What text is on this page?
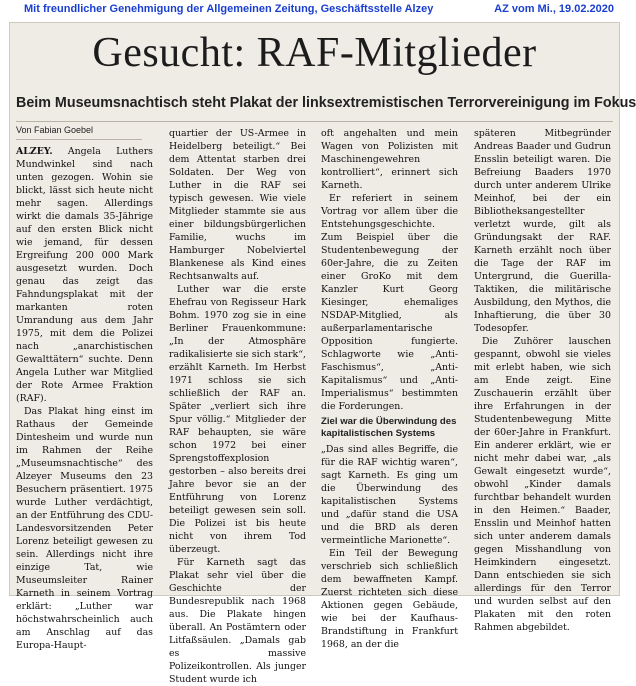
Mit freundlicher Genehmigung der Allgemeinen Zeitung, Geschäftsstelle Alzey	AZ vom Mi., 19.02.2020
Gesucht: RAF-Mitglieder
Beim Museumsnachtisch steht Plakat der linksextremistischen Terrorvereinigung im Fokus
Von Fabian Goebel

ALZEY. Angela Luthers Mundwinkel sind nach unten gezogen. Wohin sie blickt, lässt sich heute nicht mehr sagen. Allerdings wirkt die damals 35-Jährige auf den ersten Blick nicht wie jemand, für dessen Ergreifung 200 000 Mark ausgesetzt wurden. Doch genau das zeigt das Fahndungsplakat mit der markanten roten Umrandung aus dem Jahr 1975, mit dem die Polizei nach „anarchistischen Gewalttätern“ suchte. Denn Angela Luther war Mitglied der Rote Armee Fraktion (RAF).

Das Plakat hing einst im Rathaus der Gemeinde Dintesheim und wurde nun im Rahmen der Reihe „Museumsnachtische“ des Alzeyer Museums den 23 Besuchern präsentiert. 1975 wurde Luther verdächtigt, an der Entführung des CDU-Landesvorsitzenden Peter Lorenz beteiligt gewesen zu sein. Allerdings nicht ihre einzige Tat, wie Museumsleiter Rainer Karneth in seinem Vortrag erklärt: „Luther war höchstwahrscheinlich auch am Anschlag auf das Europa-Haupt-

quartier der US-Armee in Heidelberg beteiligt.“ Bei dem Attentat starben drei Soldaten. Der Weg von Luther in die RAF sei typisch gewesen. Wie viele Mitglieder stammte sie aus einer bildungsbürgerlichen Familie, wuchs im Hamburger Nobelviertel Blankenese als Kind eines Rechtsanwalts auf.

Luther war die erste Ehefrau von Regisseur Hark Bohm. 1970 zog sie in eine Berliner Frauenkommune: „In der Atmosphäre radikalisierte sie sich stark“, erzählt Karneth. Im Herbst 1971 schloss sie sich schließlich der RAF an. Später „verliert sich ihre Spur völlig.“ Mitglieder der RAF behaupten, sie wäre schon 1972 bei einer Sprengstoffexplosion gestorben – also bereits drei Jahre bevor sie an der Entführung von Lorenz beteiligt gewesen sein soll. Die Polizei ist bis heute nicht von ihrem Tod überzeugt.

Für Karneth sagt das Plakat sehr viel über die Geschichte der Bundesrepublik nach 1968 aus. Die Plakate hingen überall. An Postämtern oder Litfaßsäulen. „Damals gab es massive Polizeikontrollen. Als junger Student wurde ich

oft angehalten und mein Wagen von Polizisten mit Maschinengewehren kontrolliert“, erinnert sich Karneth.

Er referiert in seinem Vortrag vor allem über die Entstehungsgeschichte. Zum Beispiel über die Studentenbewegung der 60er-Jahre, die zu Zeiten einer GroKo mit dem Kanzler Kurt Georg Kiesinger, ehemaliges NSDAP-Mitglied, als außerparlamentarische Opposition fungierte. Schlagworte wie „Anti-Faschismus“, „Anti-Kapitalismus“ und „Anti-Imperialismus“ bestimmten die Forderungen.

Ziel war die Überwindung des kapitalistischen Systems

„Das sind alles Begriffe, die für die RAF wichtig waren“, sagt Karneth. Es ging um die Überwindung des kapitalistischen Systems und „dafür stand die USA und die BRD als deren vermeintliche Marionette“.

Ein Teil der Bewegung verschrieb sich schließlich dem bewaffneten Kampf. Zuerst richteten sich diese Aktionen gegen Gebäude, wie bei der Kaufhaus-Brandstiftung in Frankfurt 1968, an der die

späteren Mitbegründer Andreas Baader und Gudrun Ensslin beteiligt waren. Die Befreiung Baaders 1970 durch unter anderem Ulrike Meinhof, bei der ein Bibliotheksangestellter verletzt wurde, gilt als Gründungsakt der RAF. Karneth erzählt noch über die Tage der RAF im Untergrund, die Guerilla-Taktiken, die militärische Ausbildung, den Mythos, die Inhaftierung, die über 30 Todesopfer.

Die Zuhörer lauschen gespannt, obwohl sie vieles mit erlebt haben, wie sich am Ende zeigt. Eine Zuschauerin erzählt über ihre Erfahrungen in der Studentenbewegung Mitte der 60er-Jahre in Frankfurt. Ein anderer erklärt, wie er nicht mehr dabei war, „als Gewalt eingesetzt wurde“, obwohl „Kinder damals furchtbar behandelt wurden in den Heimen.“ Baader, Ensslin und Meinhof hatten sich unter anderem damals gegen Misshandlung von Heimkindern eingesetzt. Dann entschieden sie sich allerdings für den Terror und wurden selbst auf den Plakaten mit den roten Rahmen abgebildet.
